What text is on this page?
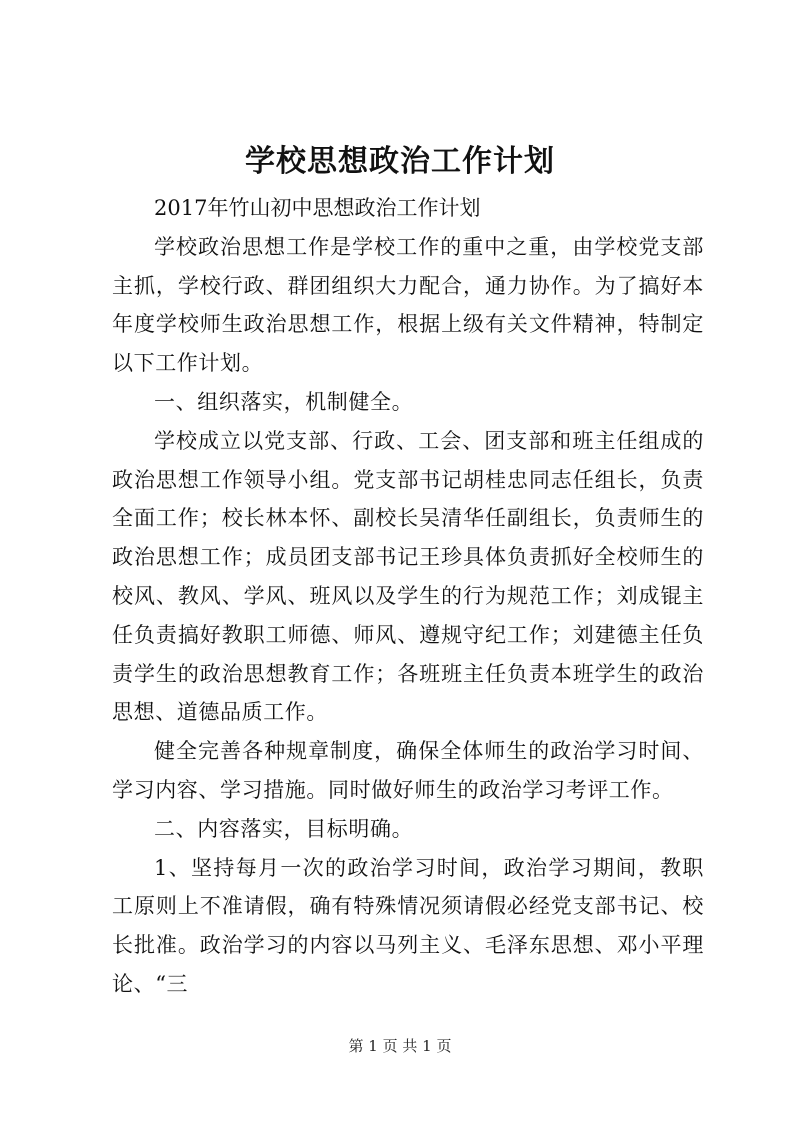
学校思想政治工作计划

2017年竹山初中思想政治工作计划

学校政治思想工作是学校工作的重中之重，由学校党支部主抓，学校行政、群团组织大力配合，通力协作。为了搞好本年度学校师生政治思想工作，根据上级有关文件精神，特制定以下工作计划。

一、组织落实，机制健全。

学校成立以党支部、行政、工会、团支部和班主任组成的政治思想工作领导小组。党支部书记胡桂忠同志任组长，负责全面工作；校长林本怀、副校长吴清华任副组长，负责师生的政治思想工作；成员团支部书记王珍具体负责抓好全校师生的校风、教风、学风、班风以及学生的行为规范工作；刘成锟主任负责搞好教职工师德、师风、遵规守纪工作；刘建德主任负责学生的政治思想教育工作；各班班主任负责本班学生的政治思想、道德品质工作。

健全完善各种规章制度，确保全体师生的政治学习时间、学习内容、学习措施。同时做好师生的政治学习考评工作。

二、内容落实，目标明确。

1、坚持每月一次的政治学习时间，政治学习期间，教职工原则上不准请假，确有特殊情况须请假必经党支部书记、校长批准。政治学习的内容以马列主义、毛泽东思想、邓小平理论、“三

第 1 页 共 1 页
